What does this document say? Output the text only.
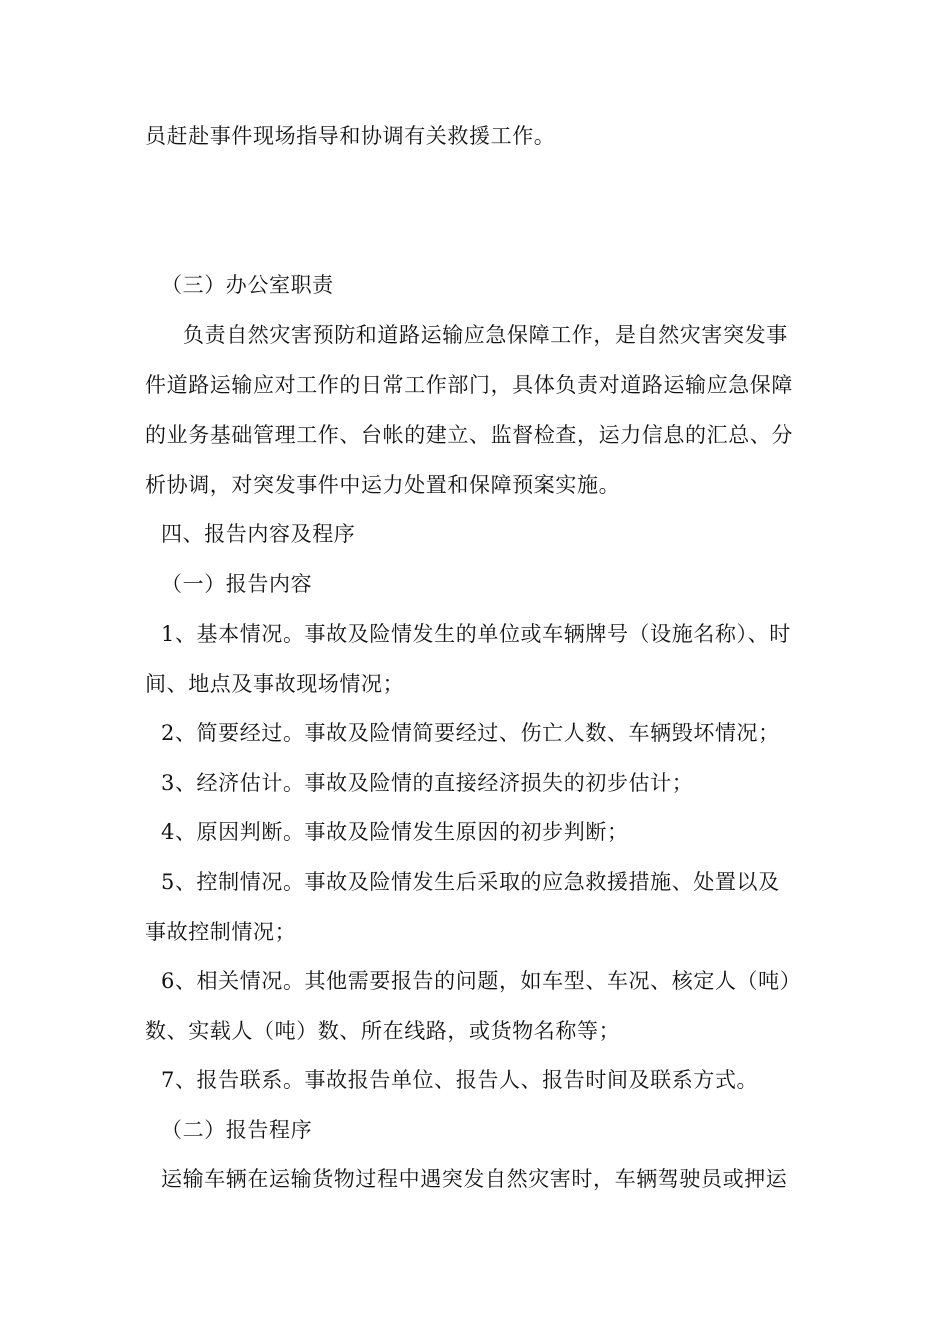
员赶赴事件现场指导和协调有关救援工作。
（三）办公室职责
负责自然灾害预防和道路运输应急保障工作，是自然灾害突发事
件道路运输应对工作的日常工作部门，具体负责对道路运输应急保障
的业务基础管理工作、台帐的建立、监督检查，运力信息的汇总、分
析协调，对突发事件中运力处置和保障预案实施。
四、报告内容及程序
（一）报告内容
1、基本情况。事故及险情发生的单位或车辆牌号（设施名称）、时
间、地点及事故现场情况；
2、简要经过。事故及险情简要经过、伤亡人数、车辆毁坏情况；
3、经济估计。事故及险情的直接经济损失的初步估计；
4、原因判断。事故及险情发生原因的初步判断；
5、控制情况。事故及险情发生后采取的应急救援措施、处置以及
事故控制情况；
6、相关情况。其他需要报告的问题，如车型、车况、核定人（吨）
数、实载人（吨）数、所在线路，或货物名称等；
7、报告联系。事故报告单位、报告人、报告时间及联系方式。
（二）报告程序
运输车辆在运输货物过程中遇突发自然灾害时，车辆驾驶员或押运
